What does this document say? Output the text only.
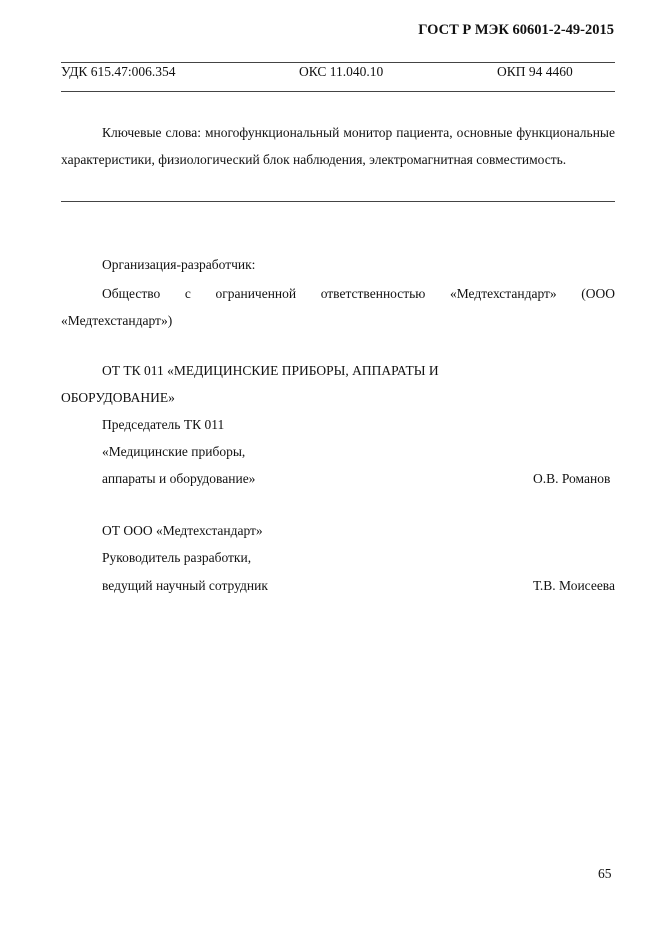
ГОСТ Р МЭК 60601-2-49-2015
УДК 615.47:006.354	ОКС 11.040.10	ОКП 94 4460
Ключевые слова: многофункциональный монитор пациента, основные функциональные характеристики, физиологический блок наблюдения, электромагнитная совместимость.
Организация-разработчик:
Общество с ограниченной ответственностью «Медтехстандарт» (ООО «Медтехстандарт»)
ОТ ТК 011 «МЕДИЦИНСКИЕ ПРИБОРЫ, АППАРАТЫ И
ОБОРУДОВАНИЕ»
Председатель ТК 011
«Медицинские приборы,
аппараты и оборудование»	О.В. Романов
ОТ ООО «Медтехстандарт»
Руководитель разработки,
ведущий научный сотрудник	Т.В. Моисеева
65
